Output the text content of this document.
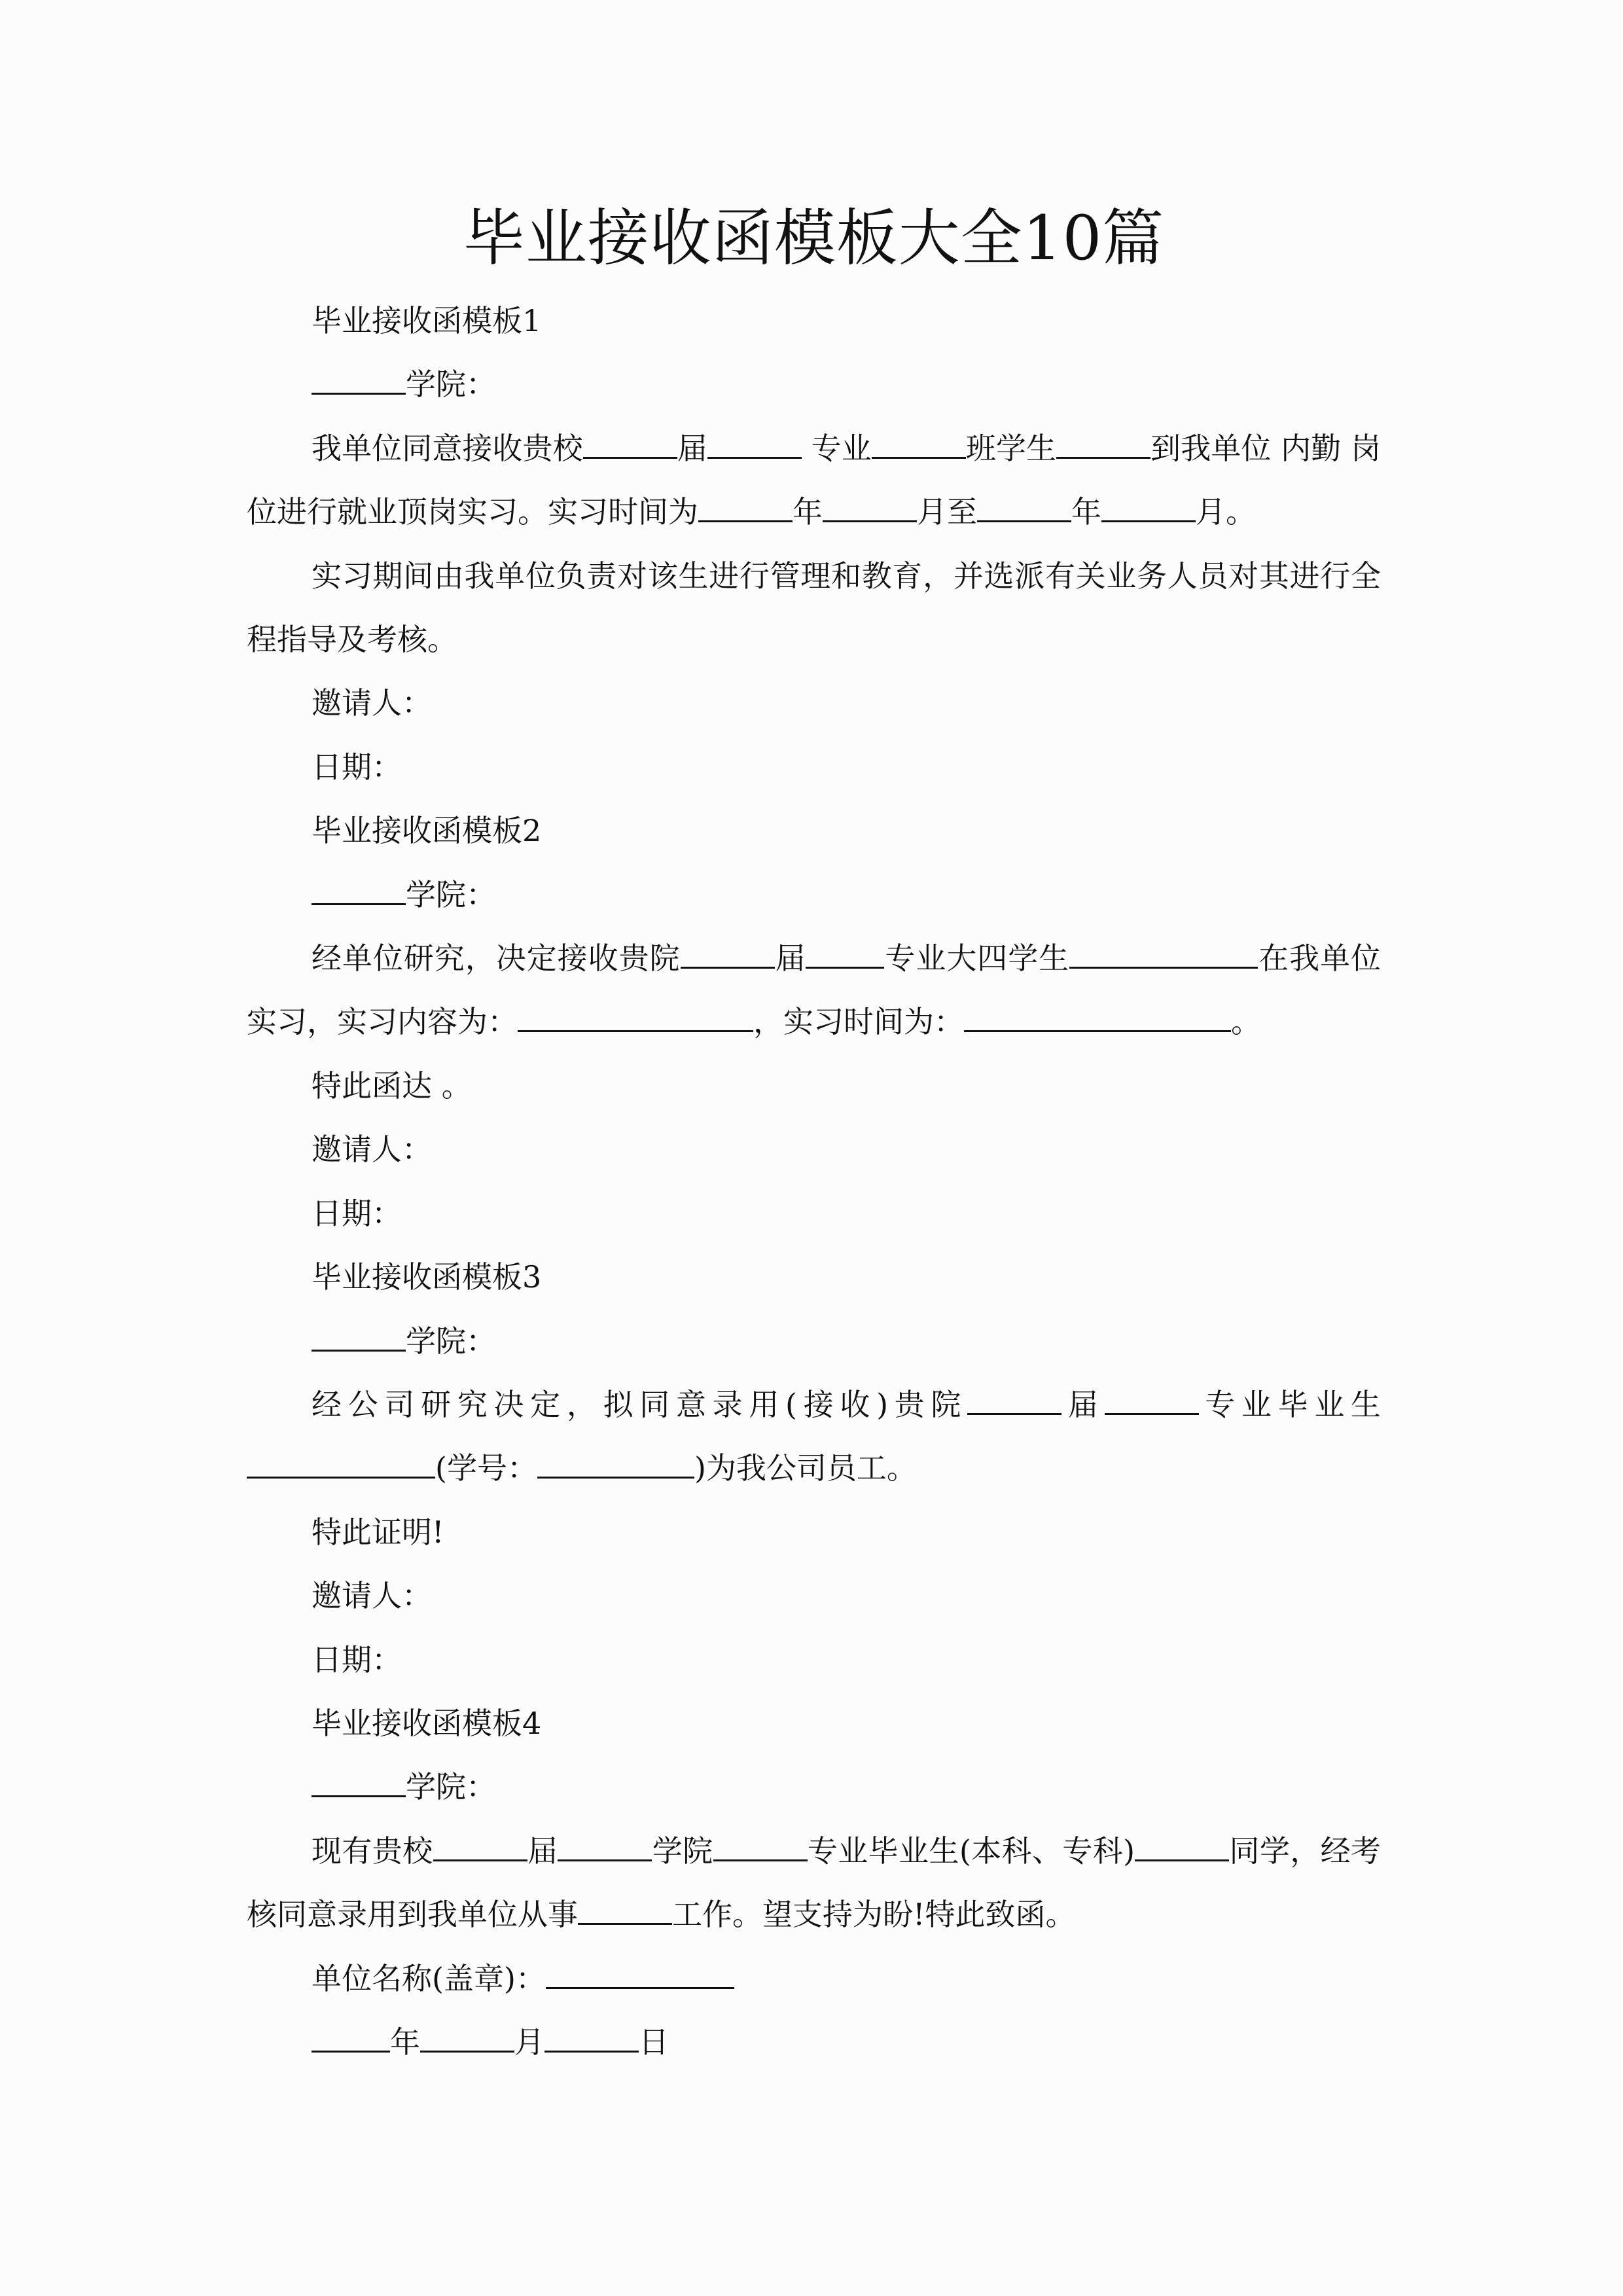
毕业接收函模板大全10篇

毕业接收函模板1

学院：

我单位同意接收贵校	届	专业	班学生	到我单位 内勤 岗位进行就业顶岗实习。实习时间为	年	月至	年	月。

实习期间由我单位负责对该生进行管理和教育，并选派有关业务人员对其进行全程指导及考核。

邀请人：

日期：

毕业接收函模板2

学院：

经单位研究，决定接收贵院	届	专业大四学生	在我单位实习，实习内容为：	，实习时间为：	。

特此函达 。

邀请人：

日期：

毕业接收函模板3

学院：

经公司研究决定，拟同意录用(接收)贵院	届	专业毕业生(学号：	)为我公司员工。

特此证明!

邀请人：

日期：

毕业接收函模板4

学院：

现有贵校	届	学院	专业毕业生(本科、专科)	同学，经考核同意录用到我单位从事	工作。望支持为盼!特此致函。

单位名称(盖章)：

年	月	日
